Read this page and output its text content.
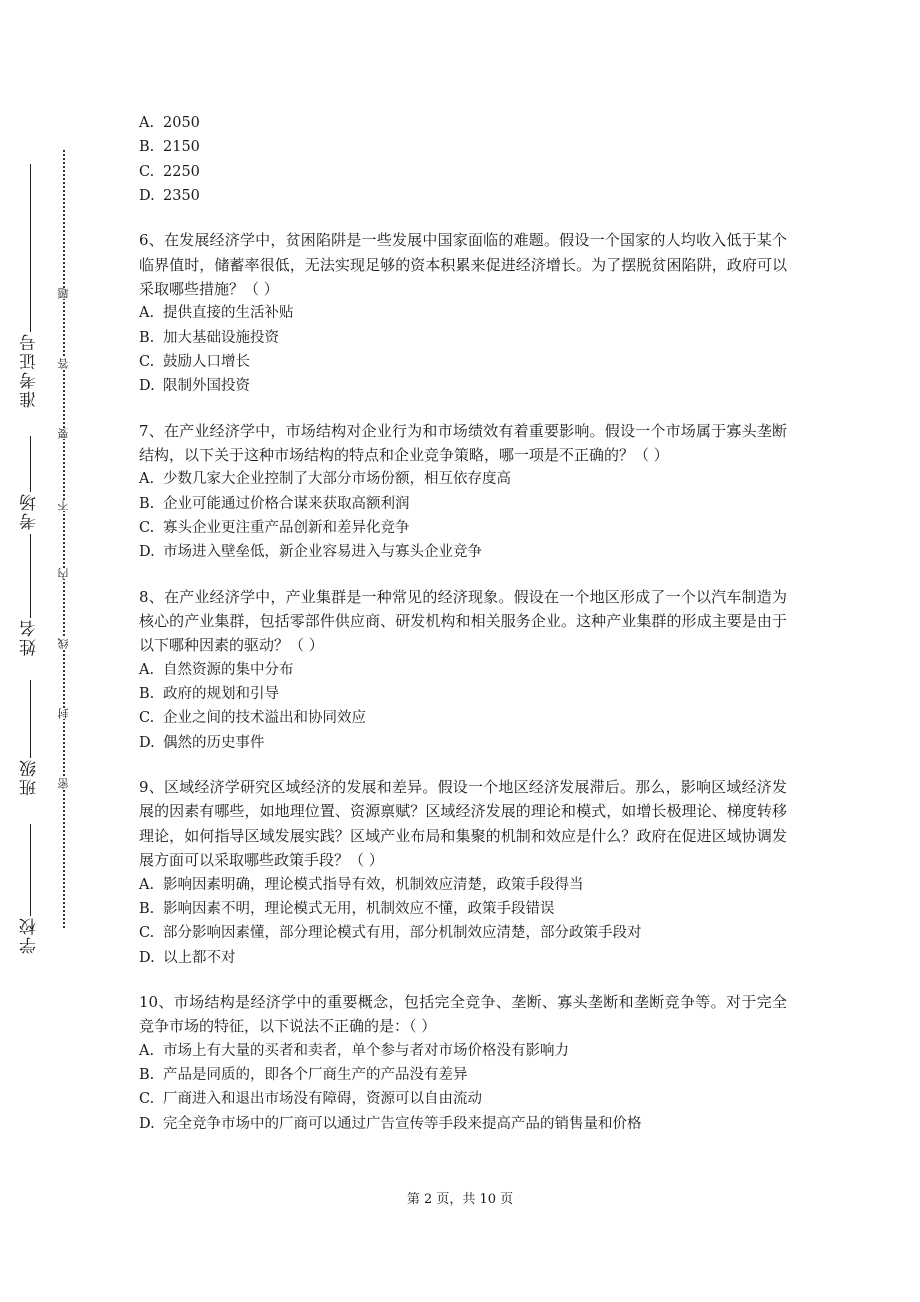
准考证号
考场
姓名
班级
学校
题
答
要
不
内
线
封
密
A. 2050
B. 2150
C. 2250
D. 2350
6、在发展经济学中，贫困陷阱是一些发展中国家面临的难题。假设一个国家的人均收入低于某个临界值时，储蓄率很低，无法实现足够的资本积累来促进经济增长。为了摆脱贫困陷阱，政府可以采取哪些措施？（ ）
A. 提供直接的生活补贴
B. 加大基础设施投资
C. 鼓励人口增长
D. 限制外国投资
7、在产业经济学中，市场结构对企业行为和市场绩效有着重要影响。假设一个市场属于寡头垄断结构，以下关于这种市场结构的特点和企业竞争策略，哪一项是不正确的？（ ）
A. 少数几家大企业控制了大部分市场份额，相互依存度高
B. 企业可能通过价格合谋来获取高额利润
C. 寡头企业更注重产品创新和差异化竞争
D. 市场进入壁垒低，新企业容易进入与寡头企业竞争
8、在产业经济学中，产业集群是一种常见的经济现象。假设在一个地区形成了一个以汽车制造为核心的产业集群，包括零部件供应商、研发机构和相关服务企业。这种产业集群的形成主要是由于以下哪种因素的驱动？（ ）
A. 自然资源的集中分布
B. 政府的规划和引导
C. 企业之间的技术溢出和协同效应
D. 偶然的历史事件
9、区域经济学研究区域经济的发展和差异。假设一个地区经济发展滞后。那么，影响区域经济发展的因素有哪些，如地理位置、资源禀赋？区域经济发展的理论和模式，如增长极理论、梯度转移理论，如何指导区域发展实践？区域产业布局和集聚的机制和效应是什么？政府在促进区域协调发展方面可以采取哪些政策手段？（ ）
A. 影响因素明确，理论模式指导有效，机制效应清楚，政策手段得当
B. 影响因素不明，理论模式无用，机制效应不懂，政策手段错误
C. 部分影响因素懂，部分理论模式有用，部分机制效应清楚，部分政策手段对
D. 以上都不对
10、市场结构是经济学中的重要概念，包括完全竞争、垄断、寡头垄断和垄断竞争等。对于完全竞争市场的特征，以下说法不正确的是：（ ）
A. 市场上有大量的买者和卖者，单个参与者对市场价格没有影响力
B. 产品是同质的，即各个厂商生产的产品没有差异
C. 厂商进入和退出市场没有障碍，资源可以自由流动
D. 完全竞争市场中的厂商可以通过广告宣传等手段来提高产品的销售量和价格
第 2 页，共 10 页
